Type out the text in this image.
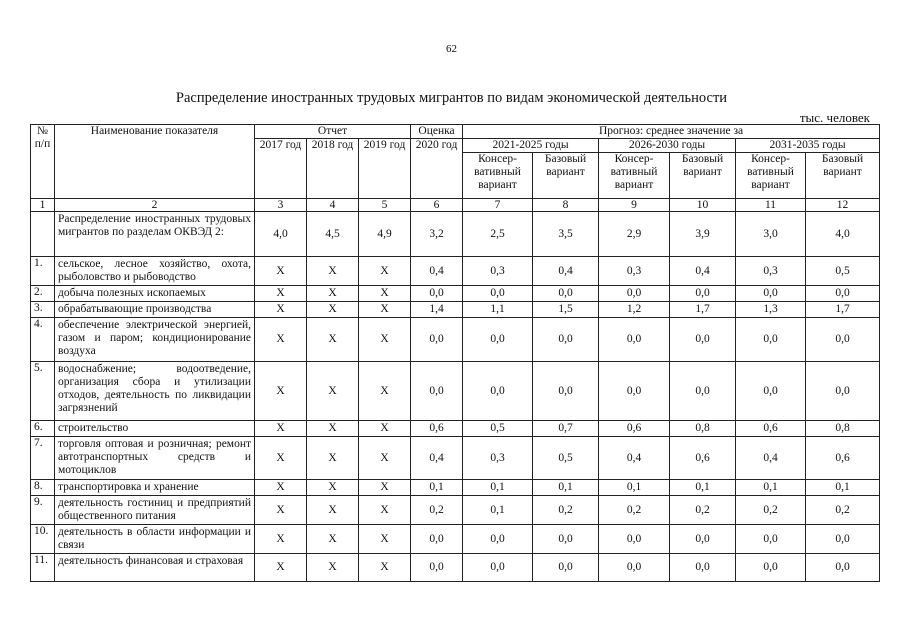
62
Распределение иностранных трудовых мигрантов по видам экономической деятельности
тыс. человек
№ п/п	Наименование показателя	Отчет			Оценка	Прогноз: среднее значение за					
		2017 год	2018 год	2019 год	2020 год	2021-2025 годы		2026-2030 годы		2031-2035 годы	
						Консер-вативный вариант	Базовый вариант	Консер-вативный вариант	Базовый вариант	Консер-вативный вариант	Базовый вариант
1	2	3	4	5	6	7	8	9	10	11	12
	Распределение иностранных трудовых мигрантов по разделам ОКВЭД 2:	4,0	4,5	4,9	3,2	2,5	3,5	2,9	3,9	3,0	4,0
1.	сельское, лесное хозяйство, охота, рыболовство и рыбоводство	X	X	X	0,4	0,3	0,4	0,3	0,4	0,3	0,5
2.	добыча полезных ископаемых	X	X	X	0,0	0,0	0,0	0,0	0,0	0,0	0,0
3.	обрабатывающие производства	X	X	X	1,4	1,1	1,5	1,2	1,7	1,3	1,7
4.	обеспечение электрической энергией, газом и паром; кондиционирование воздуха	X	X	X	0,0	0,0	0,0	0,0	0,0	0,0	0,0
5.	водоснабжение; водоотведение, организация сбора и утилизации отходов, деятельность по ликвидации загрязнений	X	X	X	0,0	0,0	0,0	0,0	0,0	0,0	0,0
6.	строительство	X	X	X	0,6	0,5	0,7	0,6	0,8	0,6	0,8
7.	торговля оптовая и розничная; ремонт автотранспортных средств и мотоциклов	X	X	X	0,4	0,3	0,5	0,4	0,6	0,4	0,6
8.	транспортировка и хранение	X	X	X	0,1	0,1	0,1	0,1	0,1	0,1	0,1
9.	деятельность гостиниц и предприятий общественного питания	X	X	X	0,2	0,1	0,2	0,2	0,2	0,2	0,2
10.	деятельность в области информации и связи	X	X	X	0,0	0,0	0,0	0,0	0,0	0,0	0,0
11.	деятельность финансовая и страховая	X	X	X	0,0	0,0	0,0	0,0	0,0	0,0	0,0
